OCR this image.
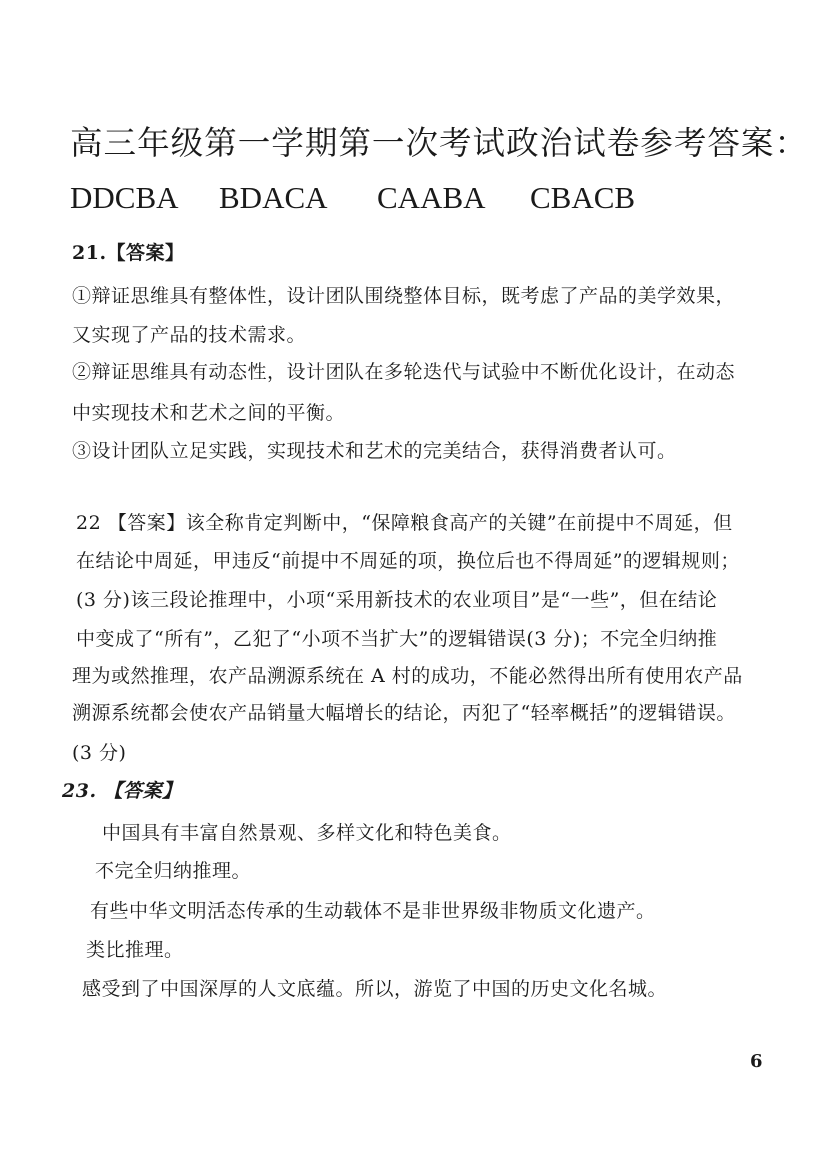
高三年级第一学期第一次考试政治试卷参考答案：
DDCBA BDACA CAABA CBACB
21.【答案】
①辩证思维具有整体性，设计团队围绕整体目标，既考虑了产品的美学效果，
又实现了产品的技术需求。
②辩证思维具有动态性，设计团队在多轮迭代与试验中不断优化设计，在动态
中实现技术和艺术之间的平衡。
③设计团队立足实践，实现技术和艺术的完美结合，获得消费者认可。
22 【答案】该全称肯定判断中，“保障粮食高产的关键”在前提中不周延，但
在结论中周延，甲违反“前提中不周延的项，换位后也不得周延”的逻辑规则；
(3 分)该三段论推理中，小项“采用新技术的农业项目”是“一些”，但在结论
中变成了“所有”，乙犯了“小项不当扩大”的逻辑错误(3 分)；不完全归纳推
理为或然推理，农产品溯源系统在 A 村的成功，不能必然得出所有使用农产品
溯源系统都会使农产品销量大幅增长的结论，丙犯了“轻率概括”的逻辑错误。
(3 分)
23. 【答案】
中国具有丰富自然景观、多样文化和特色美食。
不完全归纳推理。
有些中华文明活态传承的生动载体不是非世界级非物质文化遗产。
类比推理。
感受到了中国深厚的人文底蕴。所以，游览了中国的历史文化名城。
6
